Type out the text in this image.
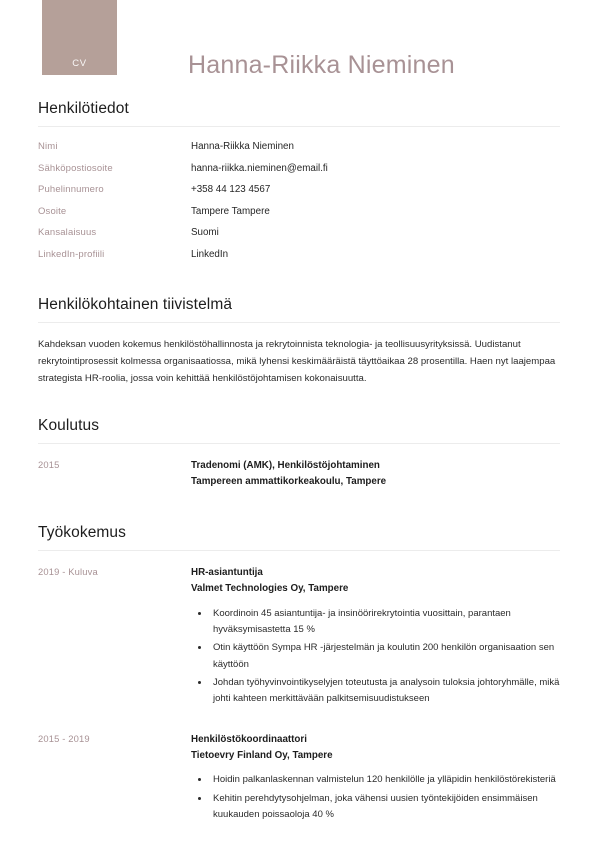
CV	Hanna-Riikka Nieminen
Henkilötiedot
Nimi	Hanna-Riikka Nieminen
Sähköpostiosoite	hanna-riikka.nieminen@email.fi
Puhelinnumero	+358 44 123 4567
Osoite	Tampere Tampere
Kansalaisuus	Suomi
LinkedIn-profiili	LinkedIn
Henkilökohtainen tiivistelmä

Kahdeksan vuoden kokemus henkilöstöhallinnosta ja rekrytoinnista teknologia- ja teollisuusyrityksissä. Uudistanut rekrytointiprosessit kolmessa organisaatiossa, mikä lyhensi keskimääräistä täyttöaikaa 28 prosentilla. Haen nyt laajempaa strategista HR-roolia, jossa voin kehittää henkilöstöjohtamisen kokonaisuutta.

Koulutus
2015	Tradenomi (AMK), Henkilöstöjohtaminen
Tampereen ammattikorkeakoulu, Tampere
Työkokemus
2019 - Kuluva	HR-asiantuntija
Valmet Technologies Oy, Tampere
• Koordinoin 45 asiantuntija- ja insinöörirekrytointia vuosittain, parantaen hyväksymisastetta 15 %
• Otin käyttöön Sympa HR -järjestelmän ja koulutin 200 henkilön organisaation sen käyttöön
• Johdan työhyvinvointikyselyjen toteutusta ja analysoin tuloksia johtoryhmälle, mikä johti kahteen merkittävään palkitsemisuudistukseen
2015 - 2019	Henkilöstökoordinaattori
Tietoevry Finland Oy, Tampere
• Hoidin palkanlaskennan valmistelun 120 henkilölle ja ylläpidin henkilöstörekisteriä
• Kehitin perehdytysohjelman, joka vähensi uusien työntekijöiden ensimmäisen kuukauden poissaoloja 40 %
